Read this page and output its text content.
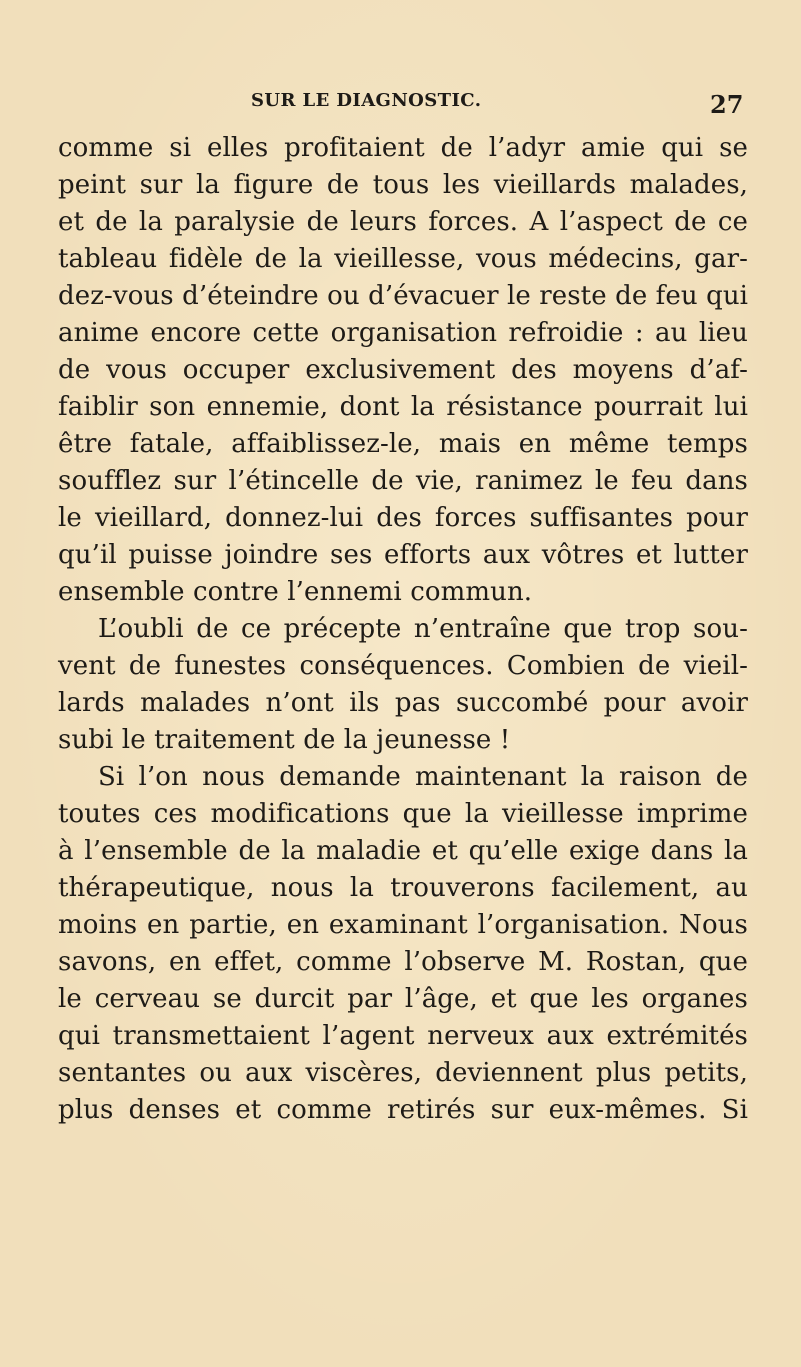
SUR LE DIAGNOSTIC.	27
comme si elles profitaient de l’adyr amie qui se
peint sur la figure de tous les vieillards malades,
et de la paralysie de leurs forces. A l’aspect de ce
tableau fidèle de la vieillesse, vous médecins, gar-
dez-vous d’éteindre ou d’évacuer le reste de feu qui
anime encore cette organisation refroidie : au lieu
de vous occuper exclusivement des moyens d’af-
faiblir son ennemie, dont la résistance pourrait lui
être fatale, affaiblissez-le, mais en même temps
soufflez sur l’étincelle de vie, ranimez le feu dans
le vieillard, donnez-lui des forces suffisantes pour
qu’il puisse joindre ses efforts aux vôtres et lutter
ensemble contre l’ennemi commun.
L’oubli de ce précepte n’entraîne que trop sou-
vent de funestes conséquences. Combien de vieil-
lards malades n’ont ils pas succombé pour avoir
subi le traitement de la jeunesse !
Si l’on nous demande maintenant la raison de
toutes ces modifications que la vieillesse imprime
à l’ensemble de la maladie et qu’elle exige dans la
thérapeutique, nous la trouverons facilement, au
moins en partie, en examinant l’organisation. Nous
savons, en effet, comme l’observe M. Rostan, que
le cerveau se durcit par l’âge, et que les organes
qui transmettaient l’agent nerveux aux extrémités
sentantes ou aux viscères, deviennent plus petits,
plus denses et comme retirés sur eux-mêmes. Si
